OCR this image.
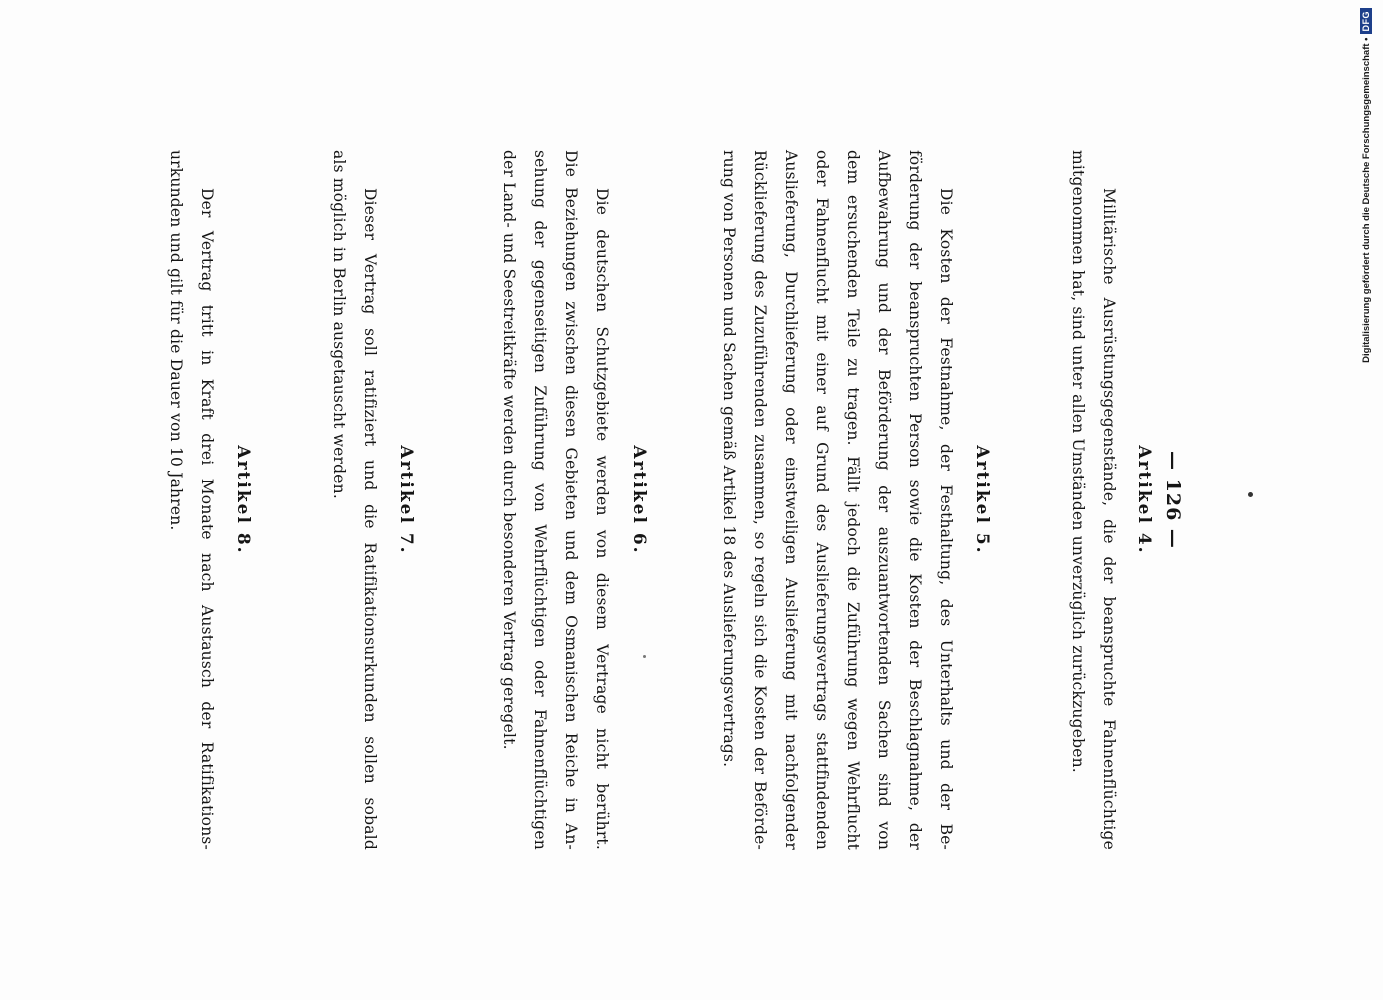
— 126 —
Artikel 4.
Militärische Ausrüstungsgegenstände, die der beanspruchte Fahnenflüchtige
mitgenommen hat, sind unter allen Umständen unverzüglich zurückzugeben.
Artikel 5.
Die Kosten der Festnahme, der Festhaltung, des Unterhalts und der Be-
förderung der beanspruchten Person sowie die Kosten der Beschlagnahme, der
Aufbewahrung und der Beförderung der auszuantwortenden Sachen sind von
dem ersuchenden Teile zu tragen. Fällt jedoch die Zuführung wegen Wehrflucht
oder Fahnenflucht mit einer auf Grund des Auslieferungsvertrags stattfindenden
Auslieferung, Durchlieferung oder einstweiligen Auslieferung mit nachfolgender
Rücklieferung des Zuzuführenden zusammen, so regeln sich die Kosten der Beförde-
rung von Personen und Sachen gemäß Artikel 18 des Auslieferungsvertrags.
Artikel 6.
Die deutschen Schutzgebiete werden von diesem Vertrage nicht berührt.
Die Beziehungen zwischen diesen Gebieten und dem Osmanischen Reiche in An-
sehung der gegenseitigen Zuführung von Wehrflüchtigen oder Fahnenflüchtigen
der Land- und Seestreitkräfte werden durch besonderen Vertrag geregelt.
Artikel 7.
Dieser Vertrag soll ratifiziert und die Ratifikationsurkunden sollen sobald
als möglich in Berlin ausgetauscht werden.
Artikel 8.
Der Vertrag tritt in Kraft drei Monate nach Austausch der Ratifikations-
urkunden und gilt für die Dauer von 10 Jahren.	Digitalisierung gefördert durch die Deutsche Forschungsgemeinschaft •
DFG
